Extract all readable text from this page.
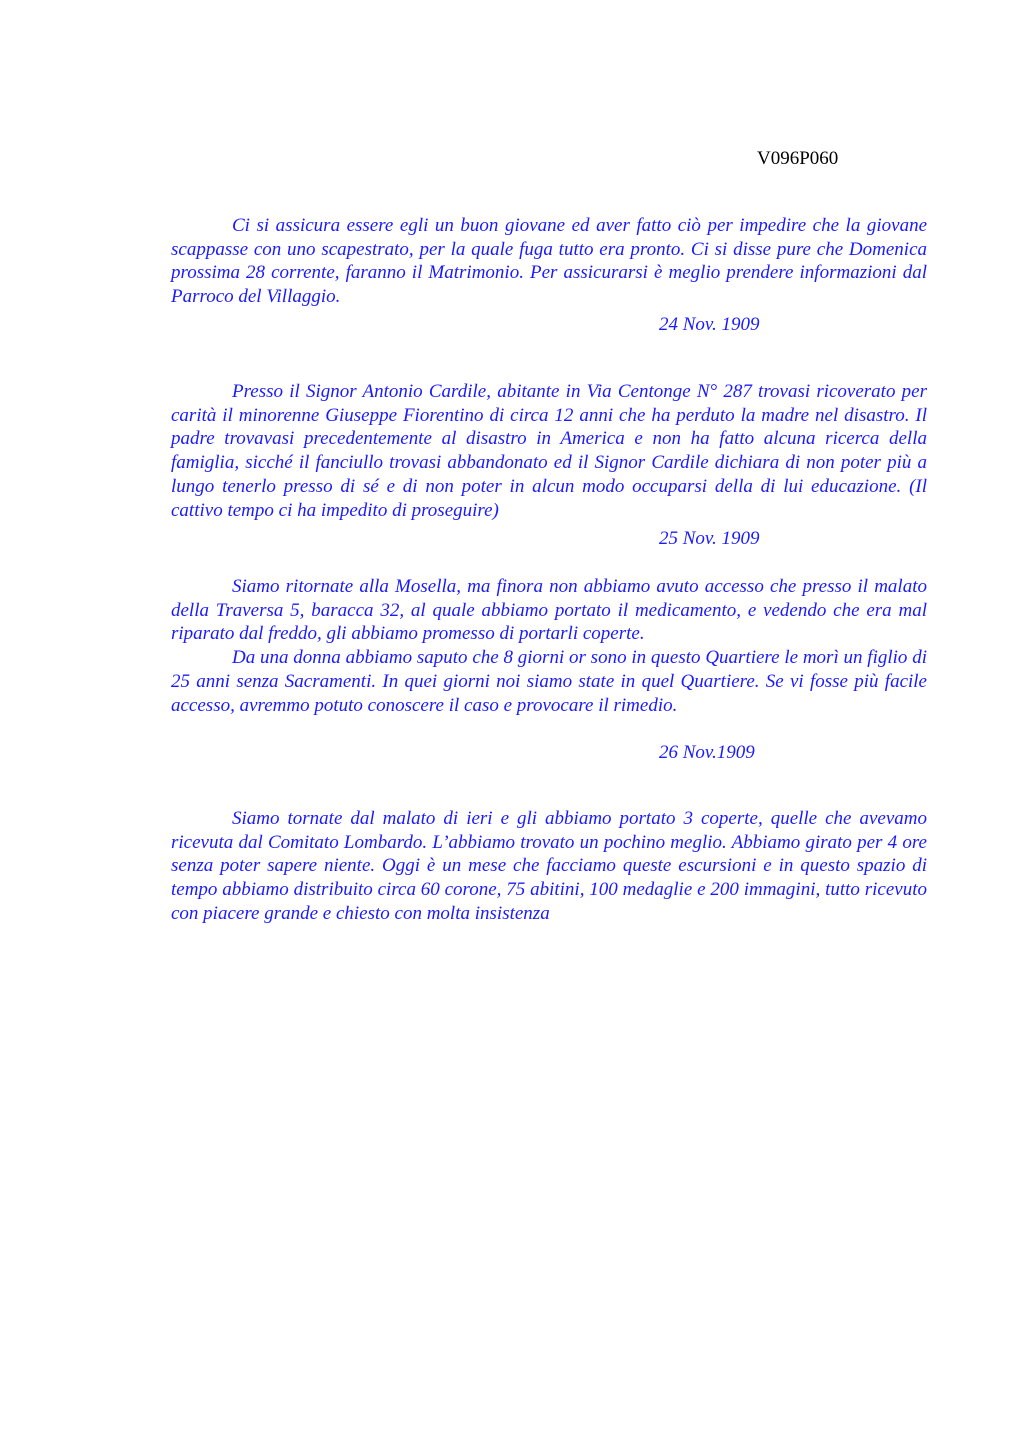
V096P060

Ci si assicura essere egli un buon giovane ed aver fatto ciò per impedire che la giovane scappasse con uno scapestrato, per la quale fuga tutto era pronto. Ci si disse pure che Domenica prossima 28 corrente, faranno il Matrimonio. Per assicurarsi è meglio prendere informazioni dal Parroco del Villaggio.

24 Nov. 1909

Presso il Signor Antonio Cardile, abitante in Via Centonge N° 287 trovasi ricoverato per carità il minorenne Giuseppe Fiorentino di circa 12 anni che ha perduto la madre nel disastro. Il padre trovavasi precedentemente al disastro in America e non ha fatto alcuna ricerca della famiglia, sicché il fanciullo trovasi abbandonato ed il Signor Cardile dichiara di non poter più a lungo tenerlo presso di sé e di non poter in alcun modo occuparsi della di lui educazione. (Il cattivo tempo ci ha impedito di proseguire)

25 Nov. 1909

Siamo ritornate alla Mosella, ma finora non abbiamo avuto accesso che presso il malato della Traversa 5, baracca 32, al quale abbiamo portato il medicamento, e vedendo che era mal riparato dal freddo, gli abbiamo promesso di portarli coperte.

Da una donna abbiamo saputo che 8 giorni or sono in questo Quartiere le morì un figlio di 25 anni senza Sacramenti. In quei giorni noi siamo state in quel Quartiere. Se vi fosse più facile accesso, avremmo potuto conoscere il caso e provocare il rimedio.

26 Nov.1909

Siamo tornate dal malato di ieri e gli abbiamo portato 3 coperte, quelle che avevamo ricevuta dal Comitato Lombardo. L’abbiamo trovato un pochino meglio. Abbiamo girato per 4 ore senza poter sapere niente. Oggi è un mese che facciamo queste escursioni e in questo spazio di tempo abbiamo distribuito circa 60 corone, 75 abitini, 100 medaglie e 200 immagini, tutto ricevuto con piacere grande e chiesto con molta insistenza
